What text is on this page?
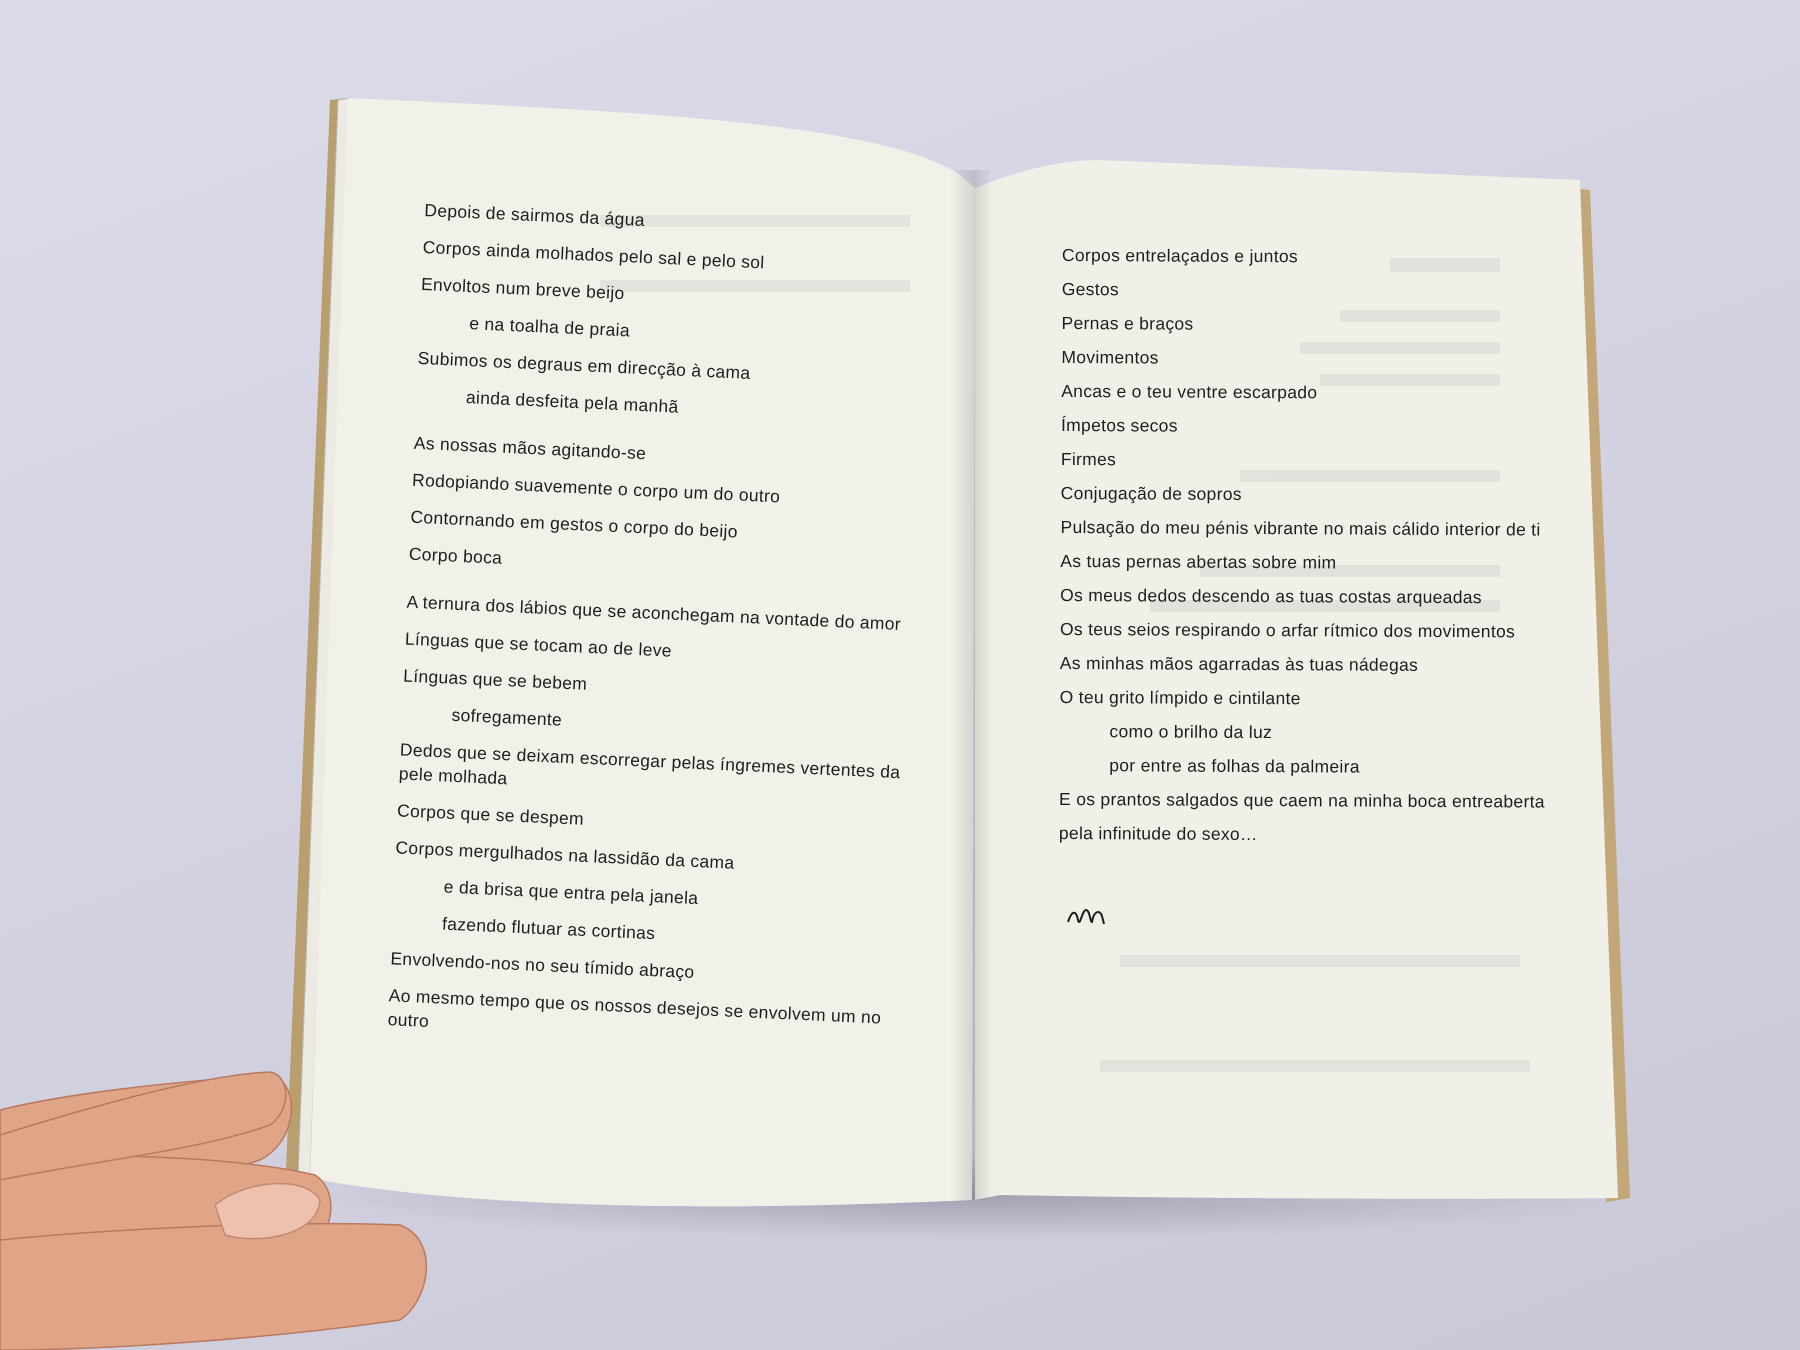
Depois de sairmos da água
Corpos ainda molhados pelo sal e pelo sol
Envoltos num breve beijo
e na toalha de praia
Subimos os degraus em direcção à cama
ainda desfeita pela manhã
As nossas mãos agitando-se
Rodopiando suavemente o corpo um do outro
Contornando em gestos o corpo do beijo
Corpo boca
A ternura dos lábios que se aconchegam na vontade do amor
Línguas que se tocam ao de leve
Línguas que se bebem
sofregamente
Dedos que se deixam escorregar pelas íngremes vertentes da pele molhada
Corpos que se despem
Corpos mergulhados na lassidão da cama
e da brisa que entra pela janela
fazendo flutuar as cortinas
Envolvendo-nos no seu tímido abraço
Ao mesmo tempo que os nossos desejos se envolvem um no outro
Corpos entrelaçados e juntos
Gestos
Pernas e braços
Movimentos
Ancas e o teu ventre escarpado
Ímpetos secos
Firmes
Conjugação de sopros
Pulsação do meu pénis vibrante no mais cálido interior de ti
As tuas pernas abertas sobre mim
Os meus dedos descendo as tuas costas arqueadas
Os teus seios respirando o arfar rítmico dos movimentos
As minhas mãos agarradas às tuas nádegas
O teu grito límpido e cintilante
como o brilho da luz
por entre as folhas da palmeira
E os prantos salgados que caem na minha boca entreaberta
pela infinitude do sexo…
